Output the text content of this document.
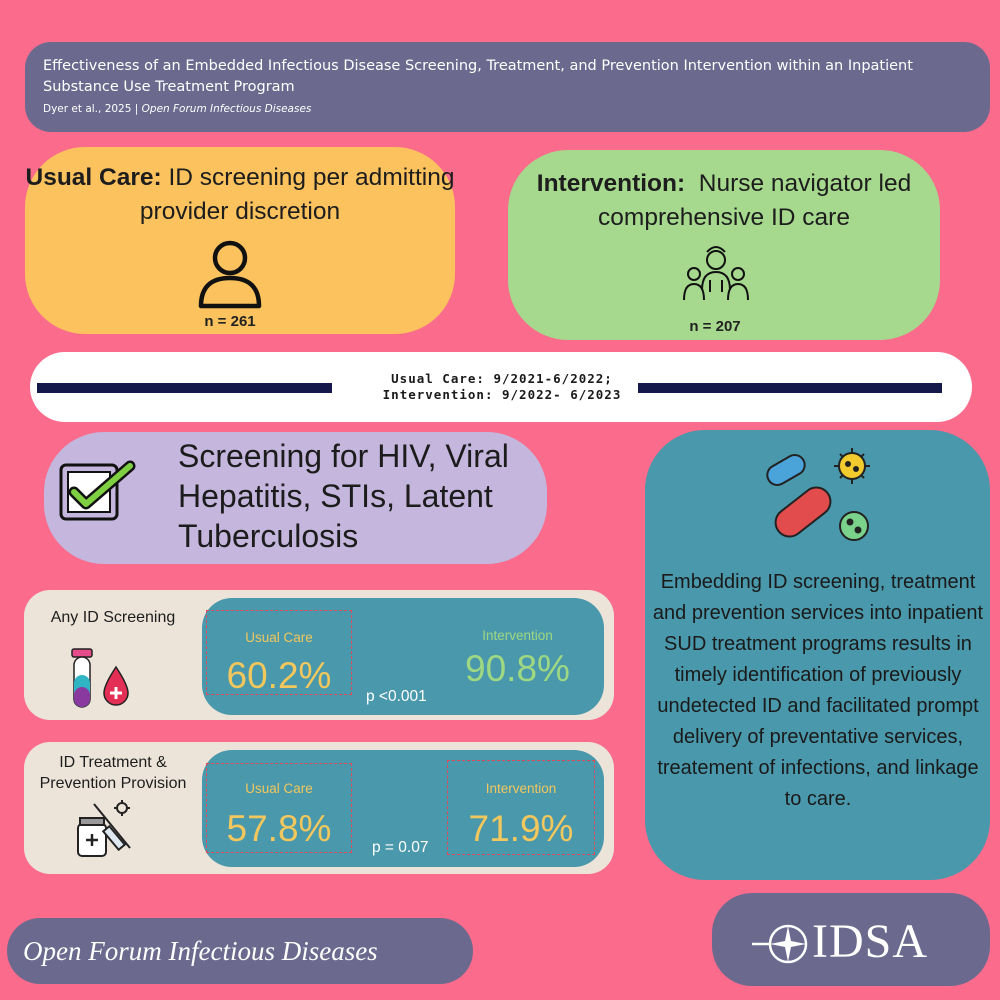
Effectiveness of an Embedded Infectious Disease Screening, Treatment, and Prevention Intervention within an Inpatient Substance Use Treatment Program
Dyer et al., 2025 | Open Forum Infectious Diseases
Usual Care: ID screening per admitting provider discretion
n = 261
Intervention: Nurse navigator led comprehensive ID care
n = 207
Usual Care: 9/2021-6/2022;
Intervention: 9/2022- 6/2023
Screening for HIV, Viral Hepatitis, STIs, Latent Tuberculosis
Any ID Screening
Usual Care
60.2%
Intervention
90.8%
p <0.001
ID Treatment & Prevention Provision	Usual Care
57.8%
Intervention
71.9%
p = 0.07
Embedding ID screening, treatment and prevention services into inpatient SUD treatment programs results in timely identification of previously undetected ID and facilitated prompt delivery of preventative services, treatement of infections, and linkage to care.
Open Forum Infectious Diseases	IDSA
